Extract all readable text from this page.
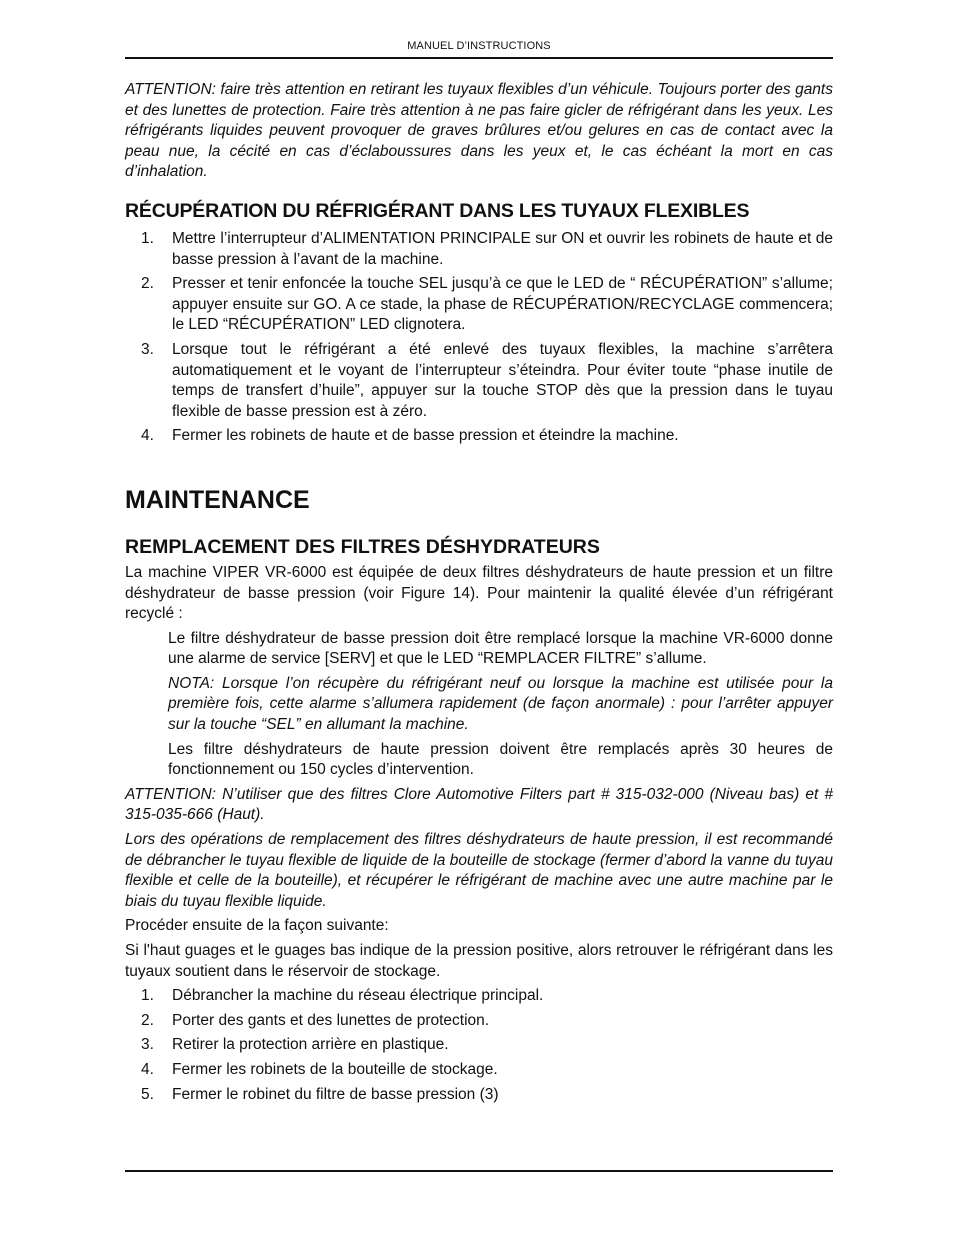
MANUEL D’INSTRUCTIONS

ATTENTION: faire très attention en retirant les tuyaux flexibles d’un véhicule. Toujours porter des gants et des lunettes de protection. Faire très attention à ne pas faire gicler de réfrigérant dans les yeux. Les réfrigérants liquides peuvent provoquer de graves brûlures et/ou gelures en cas de contact avec la peau nue, la cécité en cas d’éclaboussures dans les yeux et, le cas échéant la mort en cas d’inhalation.

RÉCUPÉRATION DU RÉFRIGÉRANT DANS LES TUYAUX FLEXIBLES
1. Mettre l’interrupteur d’ALIMENTATION PRINCIPALE sur ON et ouvrir les robinets de haute et de basse pression à l’avant de la machine.
2. Presser et tenir enfoncée la touche SEL jusqu’à ce que le LED de “ RÉCUPÉRATION” s’allume; appuyer ensuite sur GO. A ce stade, la phase de RÉCUPÉRATION/RECYCLAGE commencera; le LED “RÉCUPÉRATION” LED clignotera.
3. Lorsque tout le réfrigérant a été enlevé des tuyaux flexibles, la machine s’arrêtera automatiquement et le voyant de l’interrupteur s’éteindra. Pour éviter toute “phase inutile de temps de transfert d’huile”, appuyer sur la touche STOP dès que la pression dans le tuyau flexible de basse pression est à zéro.
4. Fermer les robinets de haute et de basse pression et éteindre la machine.
MAINTENANCE
REMPLACEMENT DES FILTRES DÉSHYDRATEURS

La machine VIPER VR-6000 est équipée de deux filtres déshydrateurs de haute pression et un filtre déshydrateur de basse pression (voir Figure 14). Pour maintenir la qualité élevée d’un réfrigérant recyclé :

Le filtre déshydrateur de basse pression doit être remplacé lorsque la machine VR-6000 donne une alarme de service [SERV] et que le LED “REMPLACER FILTRE” s’allume.

NOTA: Lorsque l’on récupère du réfrigérant neuf ou lorsque la machine est utilisée pour la première fois, cette alarme s’allumera rapidement (de façon anormale) : pour l’arrêter appuyer sur la touche “SEL” en allumant la machine.

Les filtre déshydrateurs de haute pression doivent être remplacés après 30 heures de fonctionnement ou 150 cycles d’intervention.

ATTENTION: N’utiliser que des filtres Clore Automotive Filters part # 315-032-000 (Niveau bas) et # 315-035-666 (Haut).

Lors des opérations de remplacement des filtres déshydrateurs de haute pression, il est recommandé de débrancher le tuyau flexible de liquide de la bouteille de stockage (fermer d’abord la vanne du tuyau flexible et celle de la bouteille), et récupérer le réfrigérant de machine avec une autre machine par le biais du tuyau flexible liquide.

Procéder ensuite de la façon suivante:

Si l'haut guages et le guages bas indique de la pression positive, alors retrouver le réfrigérant dans les tuyaux soutient dans le réservoir de stockage.

1. Débrancher la machine du réseau électrique principal.
2. Porter des gants et des lunettes de protection.
3. Retirer la protection arrière en plastique.
4. Fermer les robinets de la bouteille de stockage.
5. Fermer le robinet du filtre de basse pression (3)
